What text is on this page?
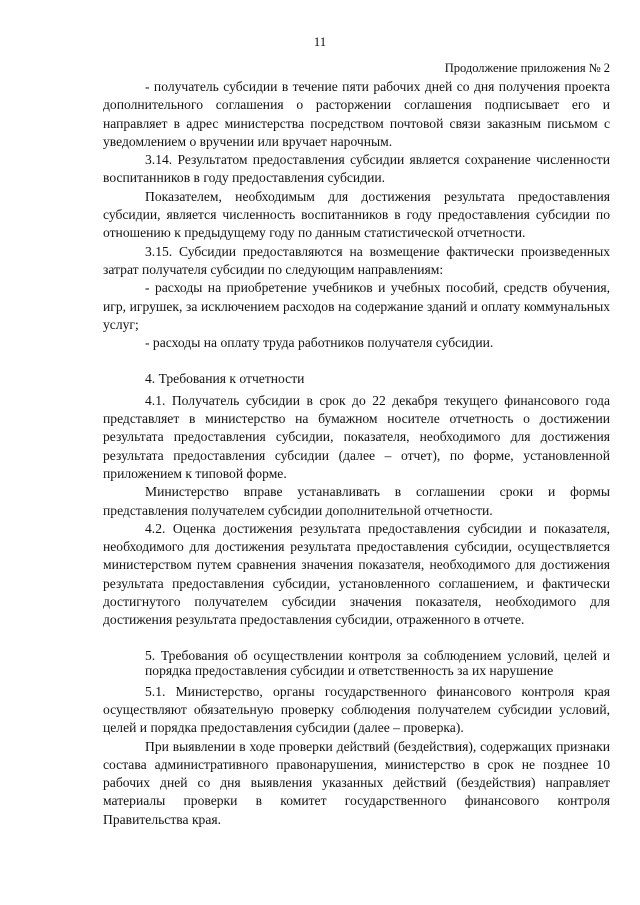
11
Продолжение приложения № 2

- получатель субсидии в течение пяти рабочих дней со дня получения проекта дополнительного соглашения о расторжении соглашения подписывает его и направляет в адрес министерства посредством почтовой связи заказным письмом с уведомлением о вручении или вручает нарочным.

3.14. Результатом предоставления субсидии является сохранение численности воспитанников в году предоставления субсидии.

Показателем, необходимым для достижения результата предоставления субсидии, является численность воспитанников в году предоставления субсидии по отношению к предыдущему году по данным статистической отчетности.

3.15. Субсидии предоставляются на возмещение фактически произведенных затрат получателя субсидии по следующим направлениям:

- расходы на приобретение учебников и учебных пособий, средств обучения, игр, игрушек, за исключением расходов на содержание зданий и оплату коммунальных услуг;

- расходы на оплату труда работников получателя субсидии.

4. Требования к отчетности

4.1. Получатель субсидии в срок до 22 декабря текущего финансового года представляет в министерство на бумажном носителе отчетность о достижении результата предоставления субсидии, показателя, необходимого для достижения результата предоставления субсидии (далее – отчет), по форме, установленной приложением к типовой форме.

Министерство вправе устанавливать в соглашении сроки и формы представления получателем субсидии дополнительной отчетности.

4.2. Оценка достижения результата предоставления субсидии и показателя, необходимого для достижения результата предоставления субсидии, осуществляется министерством путем сравнения значения показателя, необходимого для достижения результата предоставления субсидии, установленного соглашением, и фактически достигнутого получателем субсидии значения показателя, необходимого для достижения результата предоставления субсидии, отраженного в отчете.

5. Требования об осуществлении контроля за соблюдением условий, целей и порядка предоставления субсидии и ответственность за их нарушение

5.1. Министерство, органы государственного финансового контроля края осуществляют обязательную проверку соблюдения получателем субсидии условий, целей и порядка предоставления субсидии (далее – проверка).

При выявлении в ходе проверки действий (бездействия), содержащих признаки состава административного правонарушения, министерство в срок не позднее 10 рабочих дней со дня выявления указанных действий (бездействия) направляет материалы проверки в комитет государственного финансового контроля Правительства края.
